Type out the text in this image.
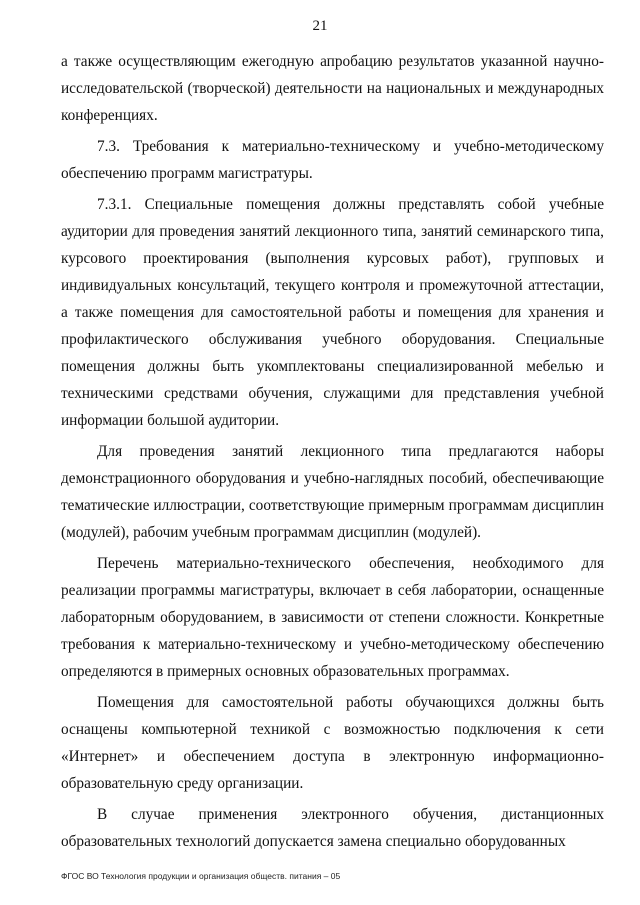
21

а также осуществляющим ежегодную апробацию результатов указанной научно-исследовательской (творческой) деятельности на национальных и международных конференциях.

7.3. Требования к материально-техническому и учебно-методическому обеспечению программ магистратуры.

7.3.1. Специальные помещения должны представлять собой учебные аудитории для проведения занятий лекционного типа, занятий семинарского типа, курсового проектирования (выполнения курсовых работ), групповых и индивидуальных консультаций, текущего контроля и промежуточной аттестации, а также помещения для самостоятельной работы и помещения для хранения и профилактического обслуживания учебного оборудования. Специальные помещения должны быть укомплектованы специализированной мебелью и техническими средствами обучения, служащими для представления учебной информации большой аудитории.

Для проведения занятий лекционного типа предлагаются наборы демонстрационного оборудования и учебно-наглядных пособий, обеспечивающие тематические иллюстрации, соответствующие примерным программам дисциплин (модулей), рабочим учебным программам дисциплин (модулей).

Перечень материально-технического обеспечения, необходимого для реализации программы магистратуры, включает в себя лаборатории, оснащенные лабораторным оборудованием, в зависимости от степени сложности. Конкретные требования к материально-техническому и учебно-методическому обеспечению определяются в примерных основных образовательных программах.

Помещения для самостоятельной работы обучающихся должны быть оснащены компьютерной техникой с возможностью подключения к сети «Интернет» и обеспечением доступа в электронную информационно-образовательную среду организации.

В случае применения электронного обучения, дистанционных образовательных технологий допускается замена специально оборудованных

ФГОС ВО Технология продукции и организация обществ. питания – 05
